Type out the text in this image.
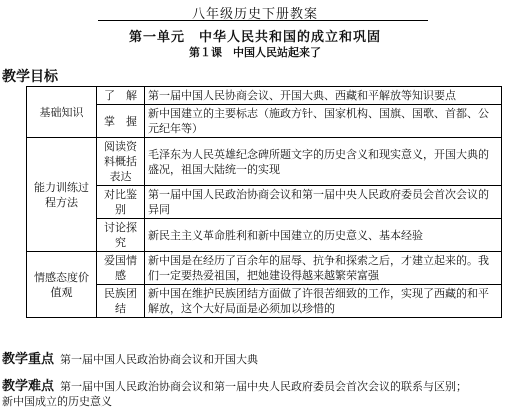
八年级历史下册教案
第一单元　中华人民共和国的成立和巩固
第１课　中国人民站起来了
教学目标
基础知识	了　解	第一届中国人民协商会议、开国大典、西藏和平解放等知识要点
	掌　握	新中国建立的主要标志（施政方针、国家机构、国旗、国歌、首都、公元纪年等）
能力训练过程方法	阅读资料概括表达	毛泽东为人民英雄纪念碑所题文字的历史含义和现实意义，开国大典的盛况，祖国大陆统一的实现
	对比鉴别	第一届中国人民政治协商会议和第一届中央人民政府委员会首次会议的异同
	讨论探究	新民主主义革命胜利和新中国建立的历史意义、基本经验
情感态度价值观	爱国情感	新中国是在经历了百余年的屈辱、抗争和探索之后，才建立起来的。我们一定要热爱祖国，把她建设得越来越繁荣富强
	民族团结	新中国在维护民族团结方面做了许很苦细致的工作，实现了西藏的和平解放，这个大好局面是必须加以珍惜的
教学重点 第一届中国人民政治协商会议和开国大典
教学难点 第一届中国人民政治协商会议和第一届中央人民政府委员会首次会议的联系与区别；
新中国成立的历史意义
